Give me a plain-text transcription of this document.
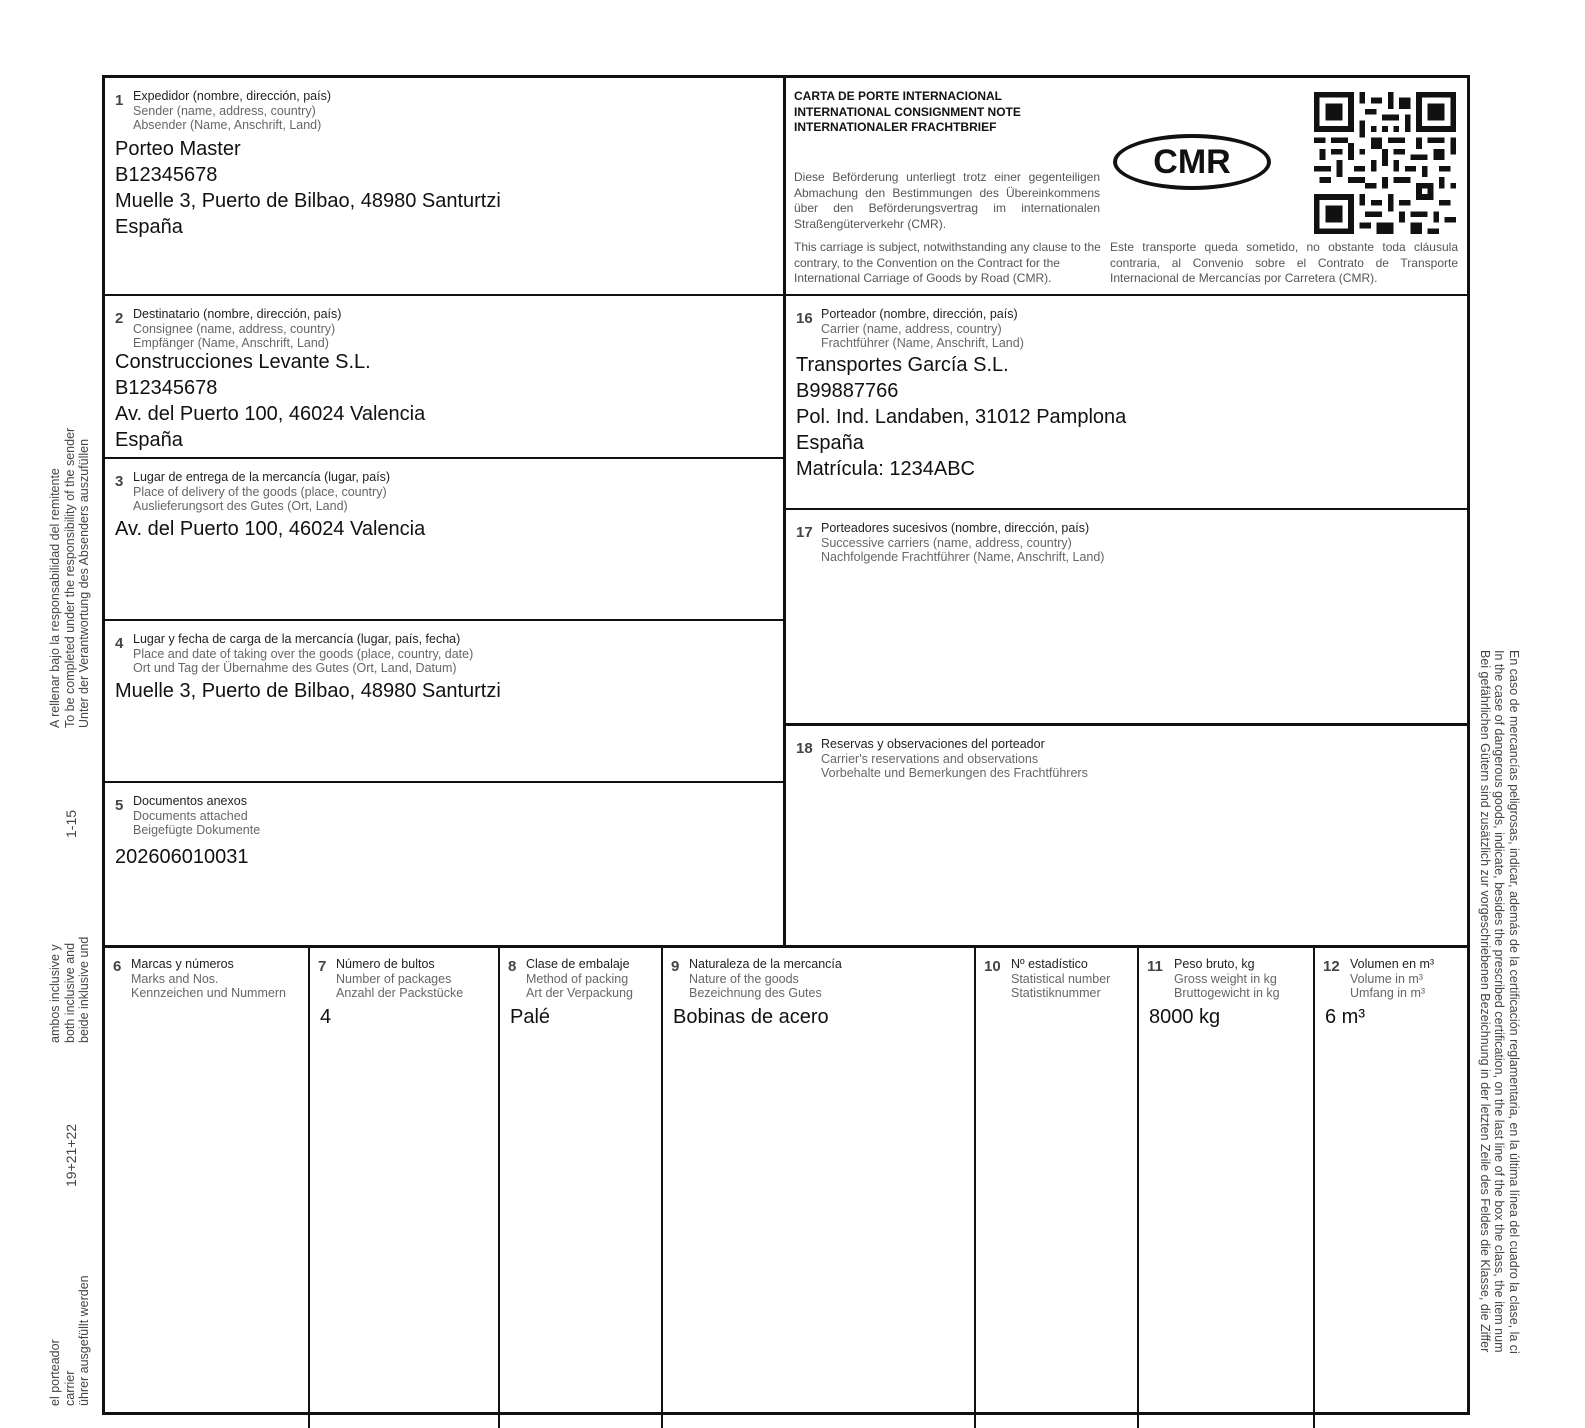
A rellenar bajo la responsabilidad del remitente To be completed under the responsibility of the sender Unter der Verantwortung des Absenders auszufüllen
1-15
ambos inclusive y both inclusive and beide inklusive und
19+21+22
el porteador carrier ührer ausgefüllt werden	En caso de mercancías peligrosas, indicar, además de la certificación reglamentaria, en la última línea del cuadro la clase, la ci
In the case of dangerous goods, indicate, besides the prescribed certification, on the last line of the box the class, the item num
Bei gefährlichen Gütern sind zusätzlich zur vorgeschriebenen Bezeichnung in der letzten Zeile des Feldes die Klasse, die Ziffer
1 Expedidor (nombre, dirección, país)
Sender (name, address, country)
Absender (Name, Anschrift, Land)
Porteo Master
B12345678
Muelle 3, Puerto de Bilbao, 48980 Santurtzi
España
CARTA DE PORTE INTERNACIONAL
INTERNATIONAL CONSIGNMENT NOTE
INTERNATIONALER FRACHTBRIEF
Diese Beförderung unterliegt trotz einer gegenteiligen Abmachung den Bestimmungen des Übereinkommens über den Beförderungsvertrag im internationalen Straßengüterverkehr (CMR).
This carriage is subject, notwithstanding any clause to the contrary, to the Convention on the Contract for the International Carriage of Goods by Road (CMR).
Este transporte queda sometido, no obstante toda cláusula contraria, al Convenio sobre el Contrato de Transporte Internacional de Mercancías por Carretera (CMR).
CMR
2 Destinatario (nombre, dirección, país)
Consignee (name, address, country)
Empfänger (Name, Anschrift, Land)
Construcciones Levante S.L.
B12345678
Av. del Puerto 100, 46024 Valencia
España
3 Lugar de entrega de la mercancía (lugar, país)
Place of delivery of the goods (place, country)
Auslieferungsort des Gutes (Ort, Land)
Av. del Puerto 100, 46024 Valencia
4 Lugar y fecha de carga de la mercancía (lugar, país, fecha)
Place and date of taking over the goods (place, country, date)
Ort und Tag der Übernahme des Gutes (Ort, Land, Datum)
Muelle 3, Puerto de Bilbao, 48980 Santurtzi
5 Documentos anexos
Documents attached
Beigefügte Dokumente
202606010031
16 Porteador (nombre, dirección, país)
Carrier (name, address, country)
Frachtführer (Name, Anschrift, Land)
Transportes García S.L.
B99887766
Pol. Ind. Landaben, 31012 Pamplona
España
Matrícula: 1234ABC
17 Porteadores sucesivos (nombre, dirección, país)
Successive carriers (name, address, country)
Nachfolgende Frachtführer (Name, Anschrift, Land)
18 Reservas y observaciones del porteador
Carrier's reservations and observations
Vorbehalte und Bemerkungen des Frachtführers
6 Marcas y números
Marks and Nos.
Kennzeichen und Nummern
7 Número de bultos
Number of packages
Anzahl der Packstücke
4
8 Clase de embalaje
Method of packing
Art der Verpackung
Palé
9 Naturaleza de la mercancía
Nature of the goods
Bezeichnung des Gutes
Bobinas de acero
10 Nº estadístico
Statistical number
Statistiknummer
11 Peso bruto, kg
Gross weight in kg
Bruttogewicht in kg
8000 kg
12 Volumen en m³
Volume in m³
Umfang in m³
6 m³
